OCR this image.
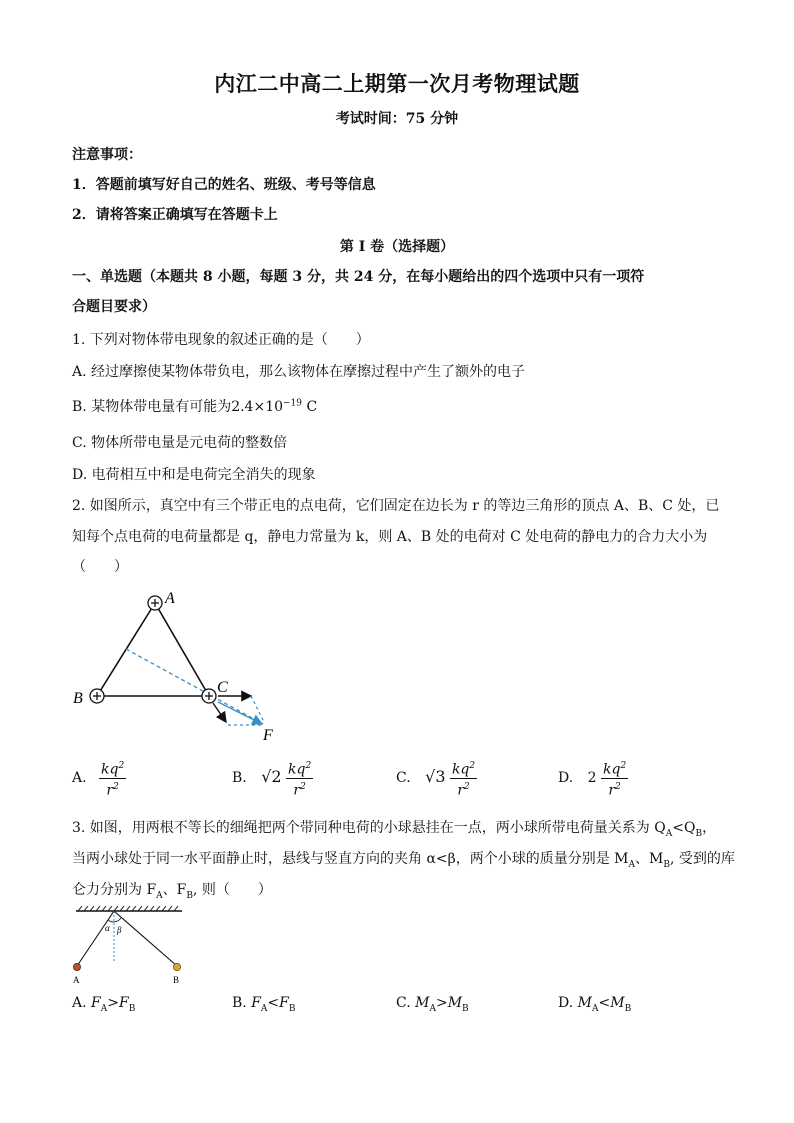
内江二中高二上期第一次月考物理试题
考试时间：75 分钟
注意事项：
1．答题前填写好自己的姓名、班级、考号等信息
2．请将答案正确填写在答题卡上
第 I 卷（选择题）
一、单选题（本题共 8 小题，每题 3 分，共 24 分，在每小题给出的四个选项中只有一项符
合题目要求）
1. 下列对物体带电现象的叙述正确的是（　　）
A. 经过摩擦使某物体带负电，那么该物体在摩擦过程中产生了额外的电子
B. 某物体带电量有可能为$2.4\times 10^{-19}$ C
C. 物体所带电量是元电荷的整数倍
D. 电荷相互中和是电荷完全消失的现象
2. 如图所示，真空中有三个带正电的点电荷，它们固定在边长为 r 的等边三角形的顶点 A、B、C 处，已
知每个点电荷的电荷量都是 q，静电力常量为 k，则 A、B 处的电荷对 C 处电荷的静电力的合力大小为
（　　）
A
B
C
F
A. $\frac{kq^2}{r^2}$	B. $√2 \frac{kq^2}{r^2}$	C. $√3 \frac{kq^2}{r^2}$	D. $2 \frac{kq^2}{r^2}$
3. 如图，用两根不等长的细绳把两个带同种电荷的小球悬挂在一点，两小球所带电荷量关系为 $Q_A<Q_B$，
当两小球处于同一水平面静止时，悬线与竖直方向的夹角 α<β，两个小球的质量分别是 $M_A$、$M_B$, 受到的库
仑力分别为 $F_A$、$F_B$, 则（　　）
α β
A	B
A. $F_A>F_B$	B. $F_A<F_B$	C. $M_A>M_B$	D. $M_A<M_B$
